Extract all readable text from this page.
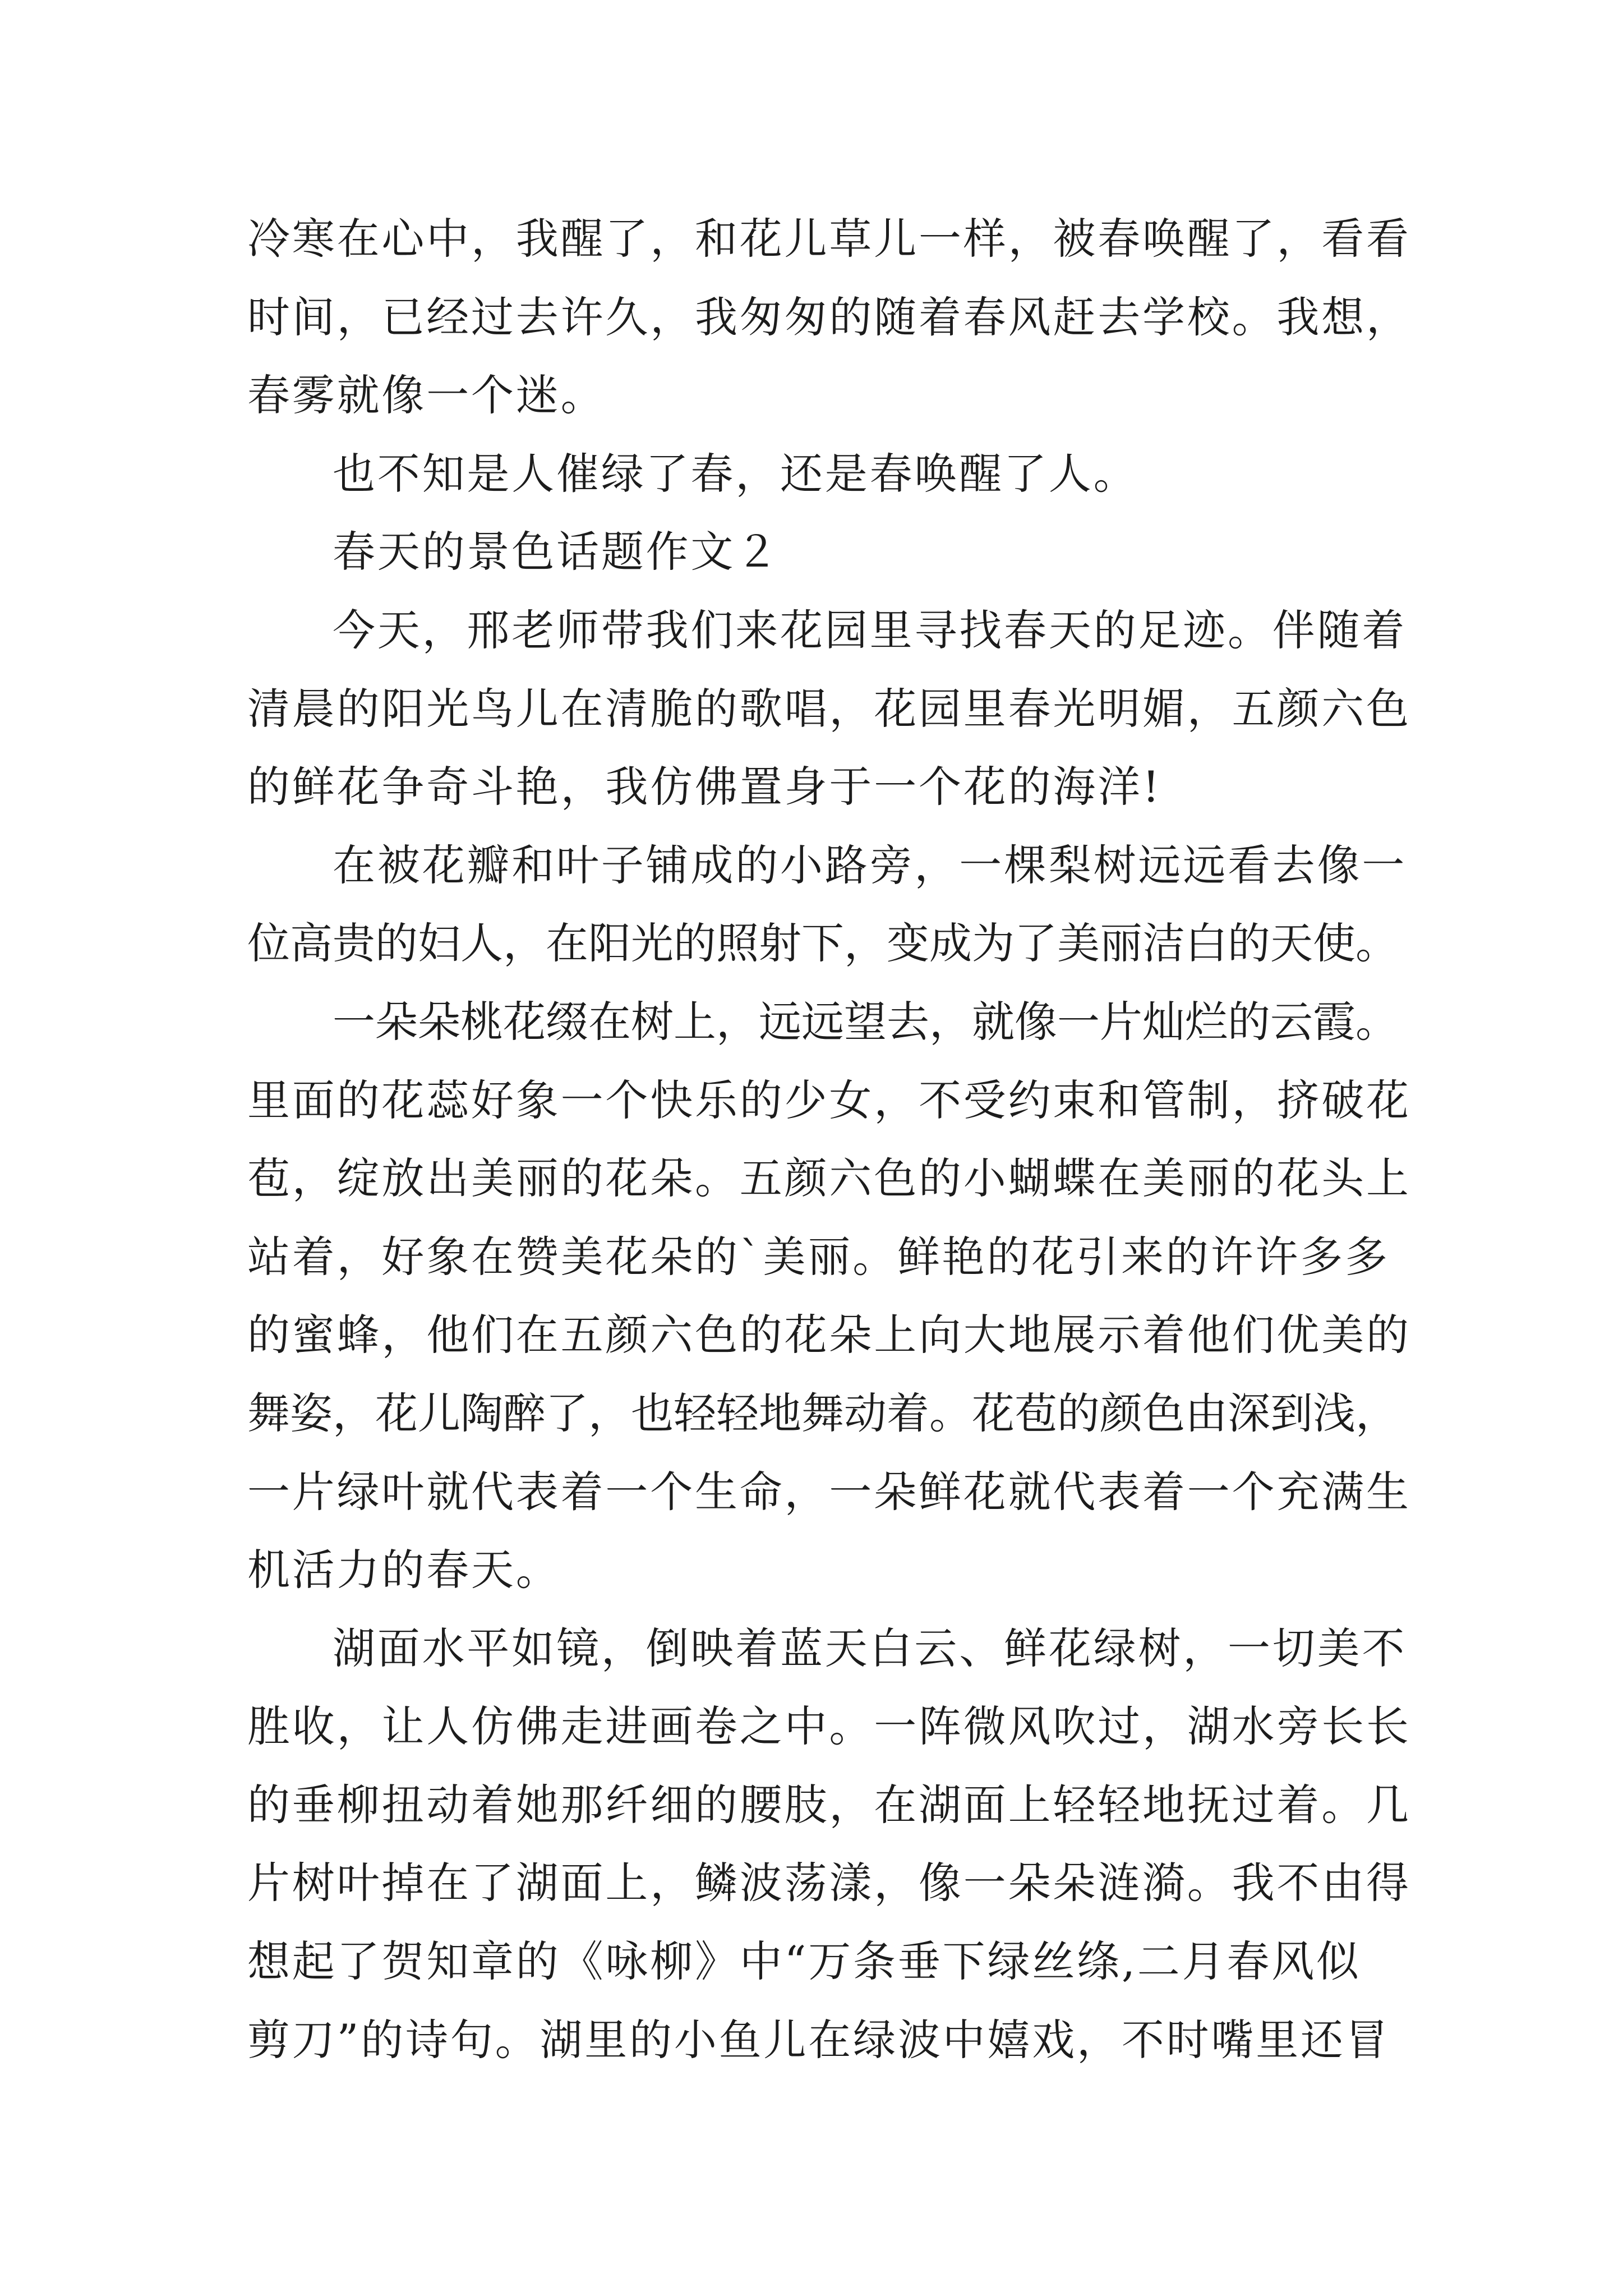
冷寒在心中，我醒了，和花儿草儿一样，被春唤醒了，看看
时间，已经过去许久，我匆匆的随着春风赶去学校。我想，
春雾就像一个迷。
也不知是人催绿了春，还是春唤醒了人。
春天的景色话题作文２
今天，邢老师带我们来花园里寻找春天的足迹。伴随着
清晨的阳光鸟儿在清脆的歌唱，花园里春光明媚，五颜六色
的鲜花争奇斗艳，我仿佛置身于一个花的海洋!
在被花瓣和叶子铺成的小路旁，一棵梨树远远看去像一
位高贵的妇人，在阳光的照射下，变成为了美丽洁白的天使。
一朵朵桃花缀在树上，远远望去，就像一片灿烂的云霞。
里面的花蕊好象一个快乐的少女，不受约束和管制，挤破花
苞，绽放出美丽的花朵。五颜六色的小蝴蝶在美丽的花头上
站着，好象在赞美花朵的`美丽。鲜艳的花引来的许许多多
的蜜蜂，他们在五颜六色的花朵上向大地展示着他们优美的
舞姿，花儿陶醉了，也轻轻地舞动着。花苞的颜色由深到浅，
一片绿叶就代表着一个生命，一朵鲜花就代表着一个充满生
机活力的春天。
湖面水平如镜，倒映着蓝天白云、鲜花绿树，一切美不
胜收，让人仿佛走进画卷之中。一阵微风吹过，湖水旁长长
的垂柳扭动着她那纤细的腰肢，在湖面上轻轻地抚过着。几
片树叶掉在了湖面上，鳞波荡漾，像一朵朵涟漪。我不由得
想起了贺知章的《咏柳》中“万条垂下绿丝绦,二月春风似
剪刀”的诗句。湖里的小鱼儿在绿波中嬉戏，不时嘴里还冒
